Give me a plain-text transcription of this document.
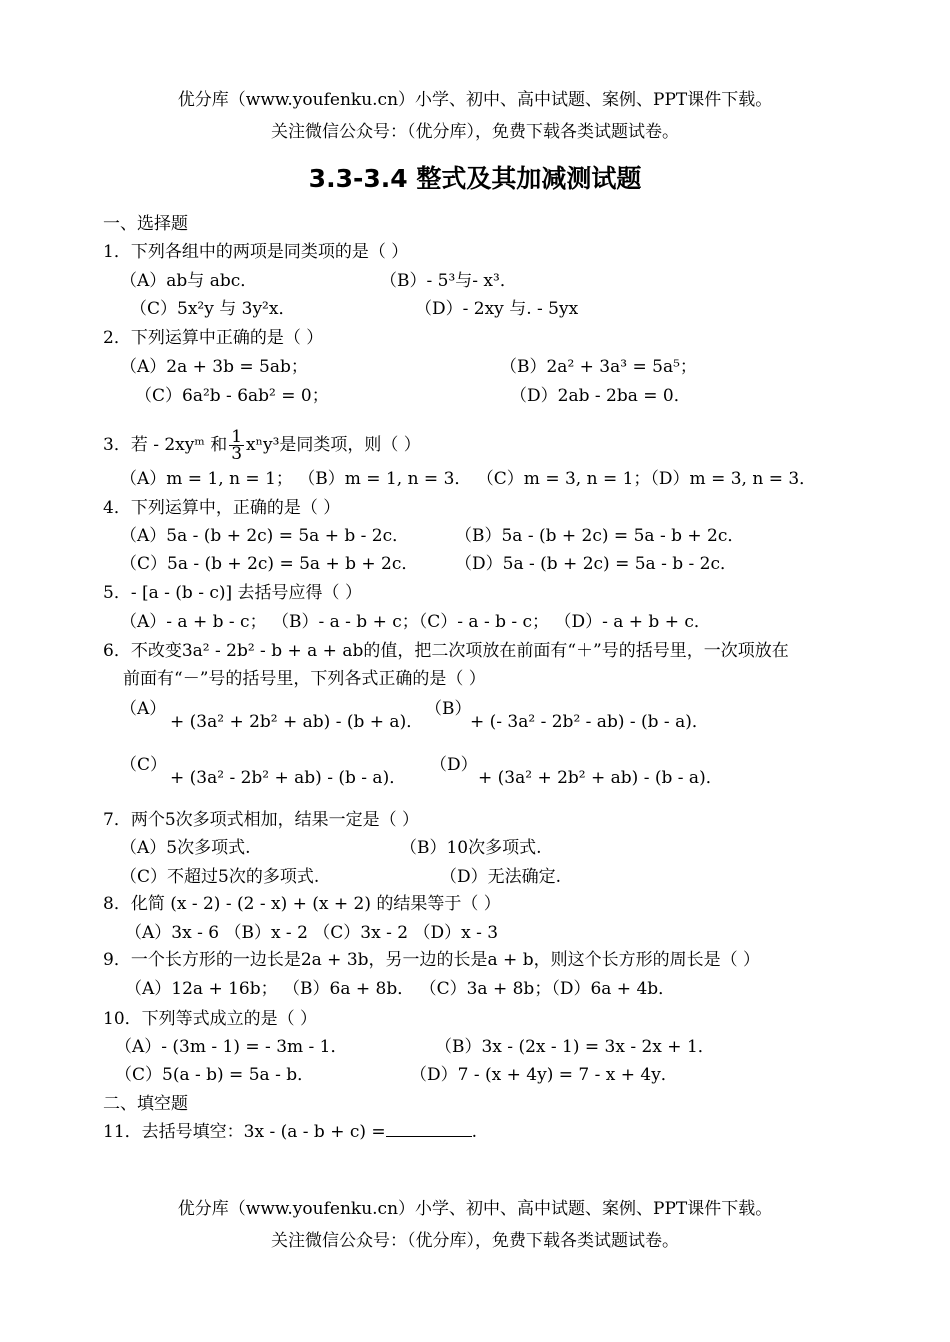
优分库（www.youfenku.cn）小学、初中、高中试题、案例、PPT课件下载。
关注微信公众号：（优分库），免费下载各类试题试卷。
3.3-3.4 整式及其加减测试题
一、选择题
1．下列各组中的两项是同类项的是（ ）
（A）ab与 abc．	（B）- 5³与- x³．
（C）5x²y 与 3y²x．	（D）- 2xy 与. - 5yx
2．下列运算中正确的是（ ）
（A）2a + 3b = 5ab；	（B）2a² + 3a³ = 5a⁵；
（C）6a²b - 6ab² = 0；	（D）2ab - 2ba = 0．
3．若 - 2xyᵐ 和 $\frac{1}{3} x^ny^3$是同类项，则（ ）
（A）m = 1, n = 1； （B）m = 1, n = 3． （C）m = 3, n = 1；（D）m = 3, n = 3．
4．下列运算中，正确的是（ ）
（A）5a - (b + 2c) = 5a + b - 2c．	（B）5a - (b + 2c) = 5a - b + 2c．
（C）5a - (b + 2c) = 5a + b + 2c． （D）5a - (b + 2c) = 5a - b - 2c．
5．- [a - (b - c)] 去括号应得（ ）
（A）- a + b - c； （B）- a - b + c；（C）- a - b - c； （D）- a + b + c．
6．不改变3a² - 2b² - b + a + ab的值，把二次项放在前面有“＋”号的括号里，一次项放在
前面有“－”号的括号里，下列各式正确的是（ ）
（A）
+ (3a² + 2b² + ab) - (b + a)．
（B）
+ (- 3a² - 2b² - ab) - (b - a)．
（C）
+ (3a² - 2b² + ab) - (b - a)．
（D）
+ (3a² + 2b² + ab) - (b - a)．
7．两个5次多项式相加，结果一定是（ ）
（A）5次多项式.	（B）10次多项式.
（C）不超过5次的多项式.	（D）无法确定.
8．化简 (x - 2) - (2 - x) + (x + 2) 的结果等于（ ）
（A）3x - 6 （B）x - 2 （C）3x - 2 （D）x - 3
9．一个长方形的一边长是2a + 3b，另一边的长是a + b，则这个长方形的周长是（ ）
（A）12a + 16b； （B）6a + 8b． （C）3a + 8b；（D）6a + 4b．
10．下列等式成立的是（ ）
（A）- (3m - 1) = - 3m - 1．	（B）3x - (2x - 1) = 3x - 2x + 1．
（C）5(a - b) = 5a - b．	（D）7 - (x + 4y) = 7 - x + 4y．
二、填空题
11．去括号填空：3x - (a - b + c) =	.
优分库（www.youfenku.cn）小学、初中、高中试题、案例、PPT课件下载。
关注微信公众号：（优分库），免费下载各类试题试卷。
